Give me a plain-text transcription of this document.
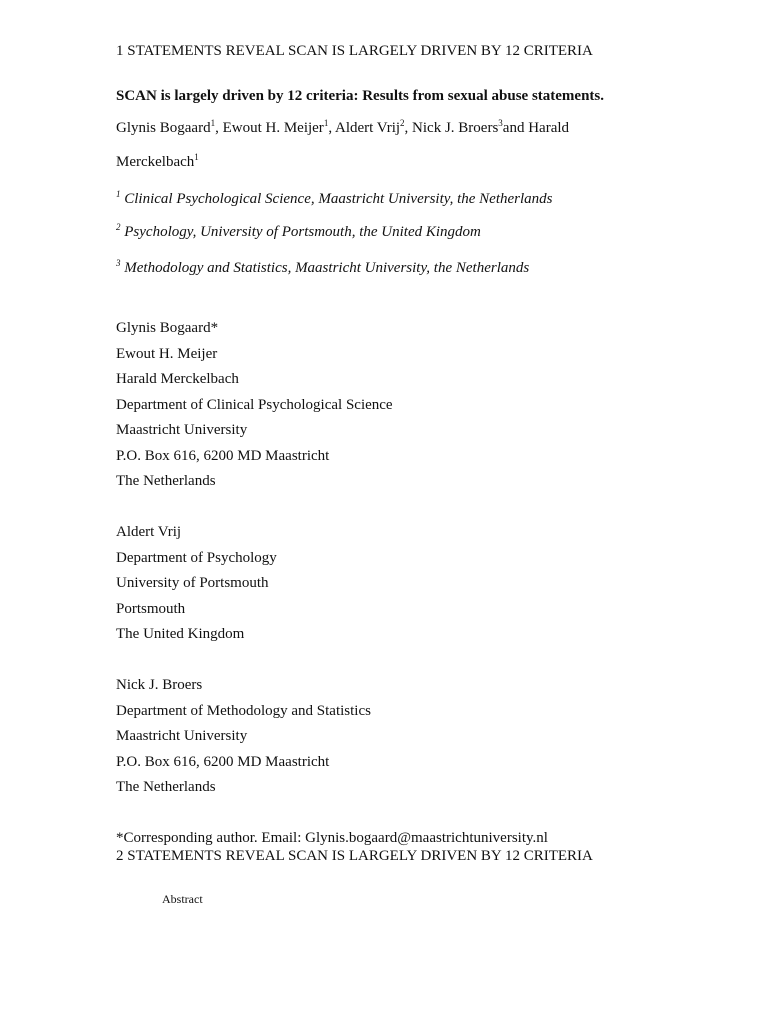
1 STATEMENTS REVEAL SCAN IS LARGELY DRIVEN BY 12 CRITERIA
SCAN is largely driven by 12 criteria: Results from sexual abuse statements.
Glynis Bogaard$^1$, Ewout H. Meijer$^1$, Aldert Vrij$^2$, Nick J. Broers$^3$and Harald
Merckelbach$^1$
$^1$ Clinical Psychological Science, Maastricht University, the Netherlands
$^2$ Psychology, University of Portsmouth, the United Kingdom
$^3$ Methodology and Statistics, Maastricht University, the Netherlands
Glynis Bogaard*
Ewout H. Meijer
Harald Merckelbach
Department of Clinical Psychological Science
Maastricht University
P.O. Box 616, 6200 MD Maastricht
The Netherlands
Aldert Vrij
Department of Psychology
University of Portsmouth
Portsmouth
The United Kingdom
Nick J. Broers
Department of Methodology and Statistics
Maastricht University
P.O. Box 616, 6200 MD Maastricht
The Netherlands
*Corresponding author. Email: Glynis.bogaard@maastrichtuniversity.nl
2 STATEMENTS REVEAL SCAN IS LARGELY DRIVEN BY 12 CRITERIA
Abstract
